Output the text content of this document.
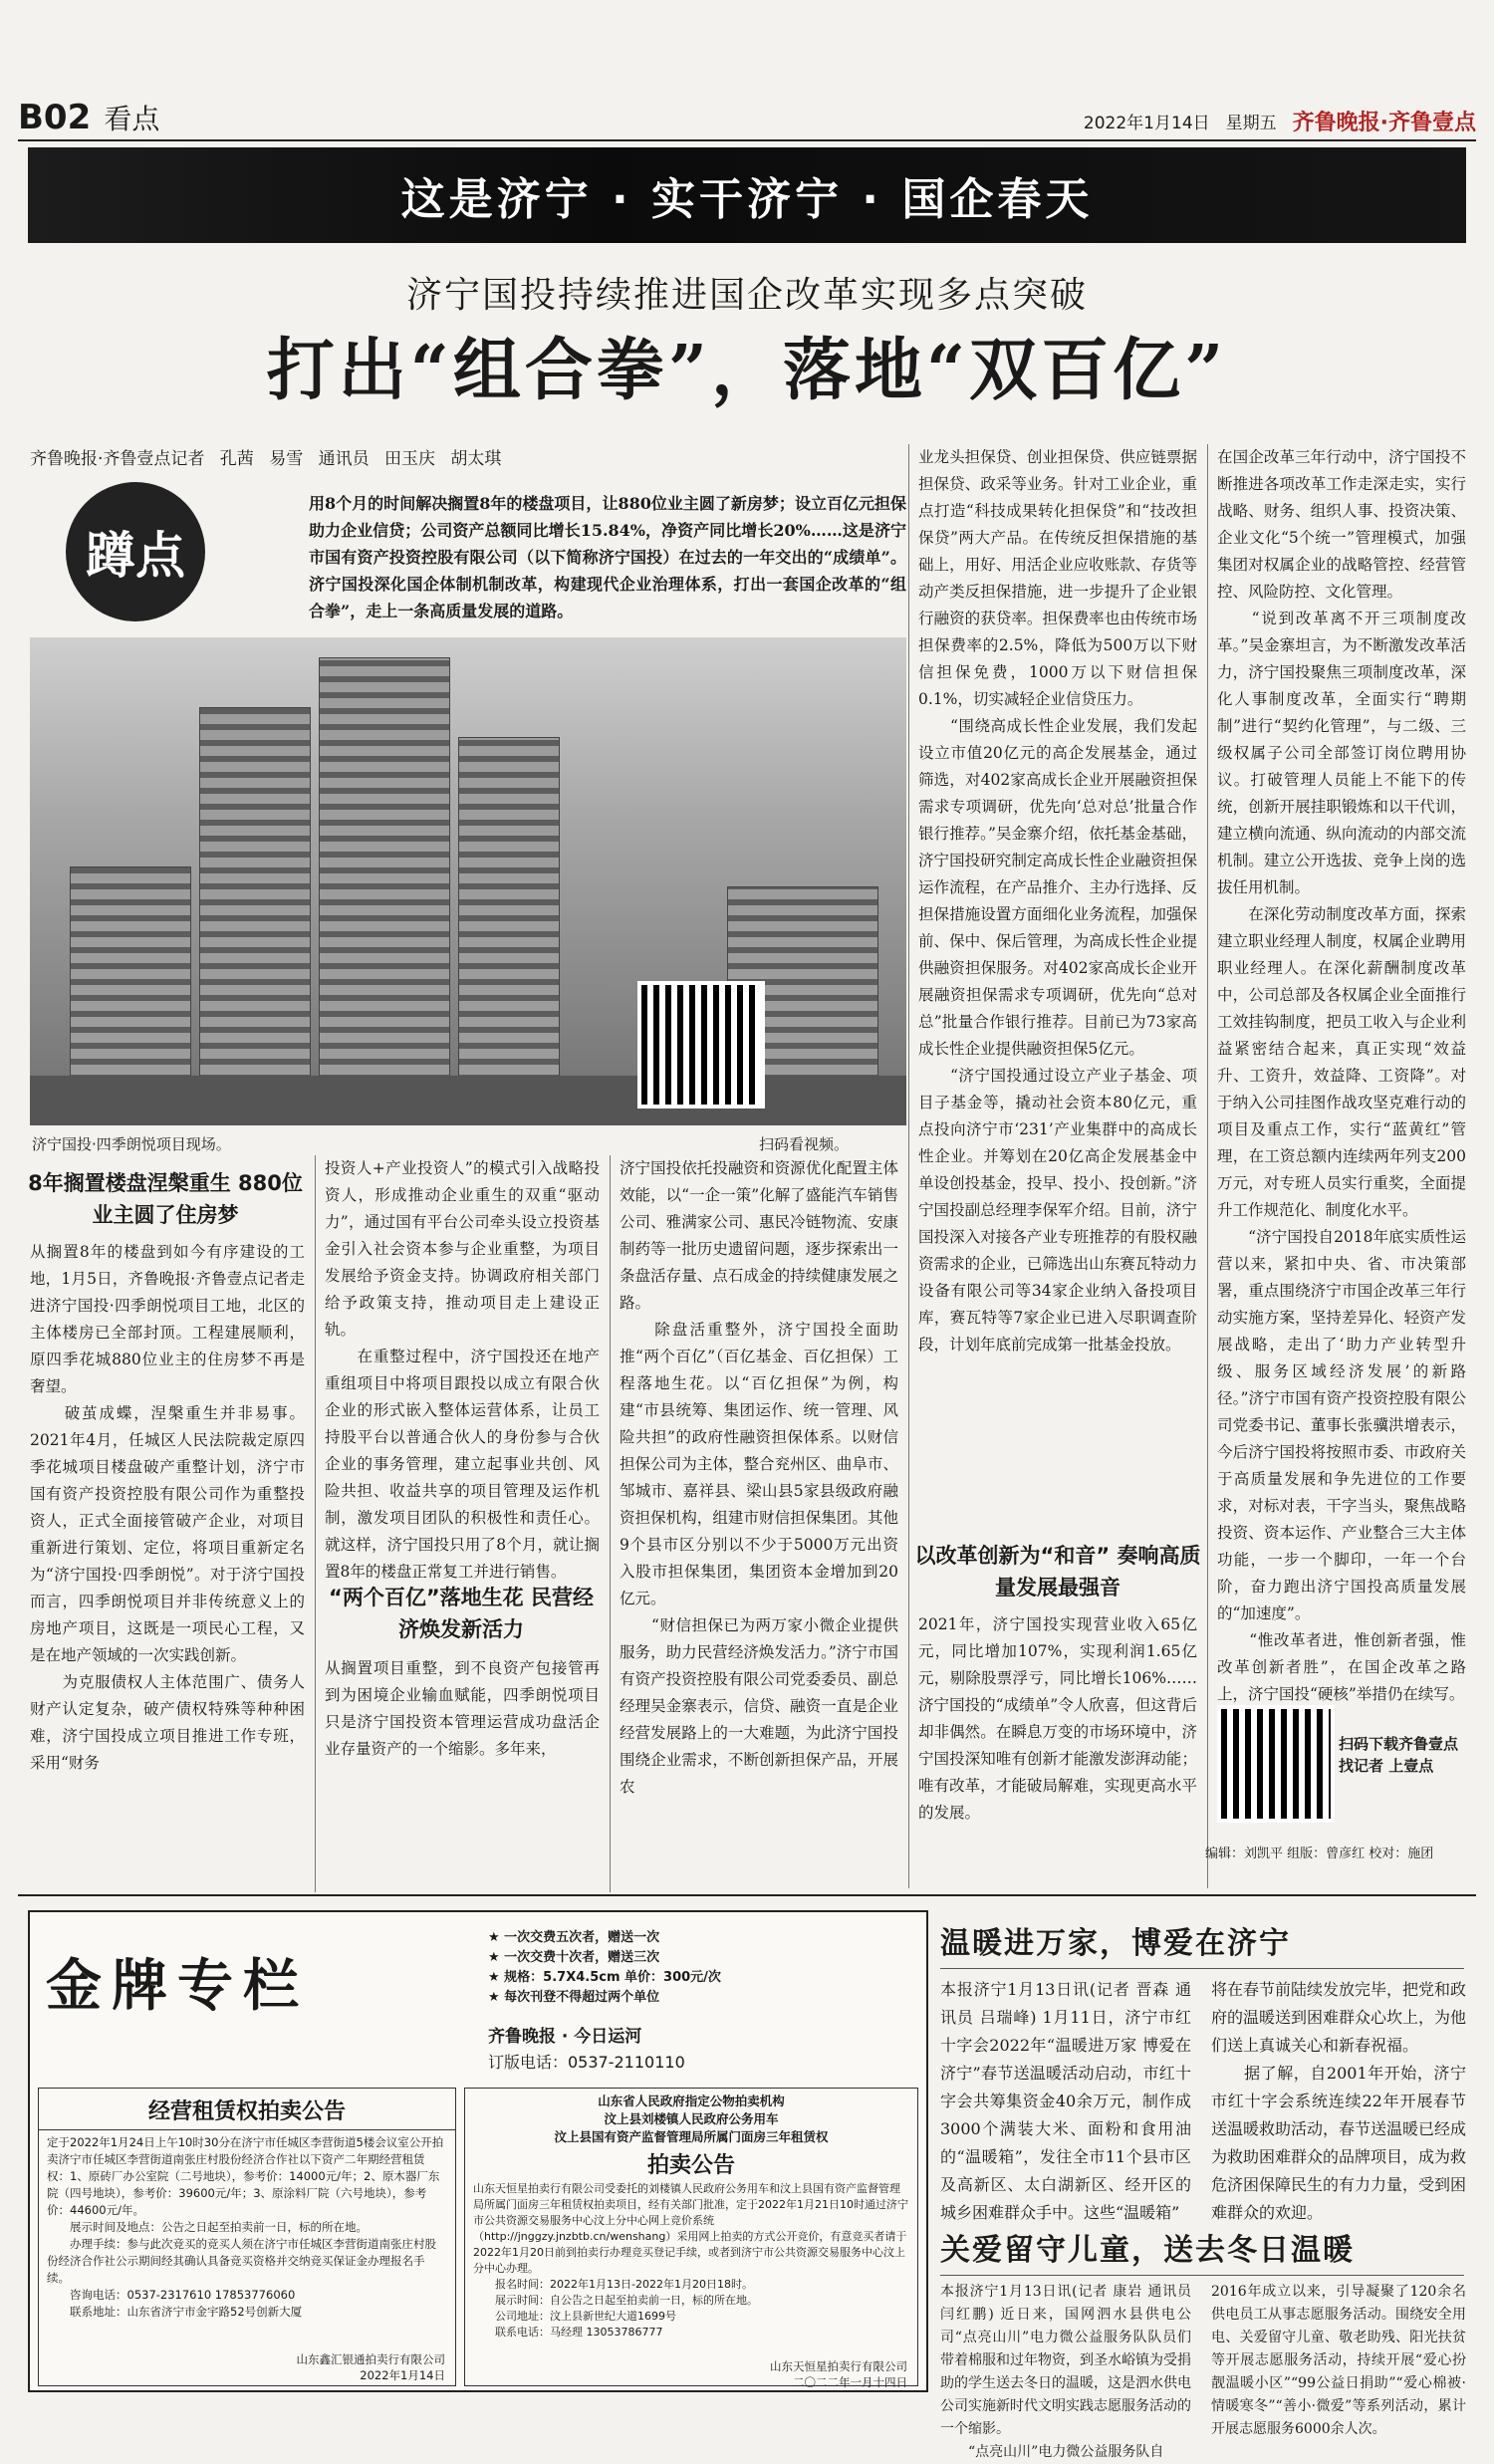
B02 看点	2022年1月14日 星期五 齐鲁晚报·齐鲁壹点
这是济宁 · 实干济宁 · 国企春天
济宁国投持续推进国企改革实现多点突破
打出“组合拳”，落地“双百亿”
齐鲁晚报·齐鲁壹点记者 孔茜 易雪 通讯员 田玉庆 胡太琪
蹲点
用8个月的时间解决搁置8年的楼盘项目，让880位业主圆了新房梦；设立百亿元担保助力企业信贷；公司资产总额同比增长15.84%，净资产同比增长20%……这是济宁市国有资产投资控股有限公司（以下简称济宁国投）在过去的一年交出的“成绩单”。济宁国投深化国企体制机制改革，构建现代企业治理体系，打出一套国企改革的“组合拳”，走上一条高质量发展的道路。
济宁国投·四季朗悦项目现场。	扫码看视频。
8年搁置楼盘涅槃重生 880位业主圆了住房梦
从搁置8年的楼盘到如今有序建设的工地，1月5日，齐鲁晚报·齐鲁壹点记者走进济宁国投·四季朗悦项目工地，北区的主体楼房已全部封顶。工程建展顺利，原四季花城880位业主的住房梦不再是奢望。
　　破茧成蝶，涅槃重生并非易事。2021年4月，任城区人民法院裁定原四季花城项目楼盘破产重整计划，济宁市国有资产投资控股有限公司作为重整投资人，正式全面接管破产企业，对项目重新进行策划、定位，将项目重新定名为“济宁国投·四季朗悦”。对于济宁国投而言，四季朗悦项目并非传统意义上的房地产项目，这既是一项民心工程，又是在地产领域的一次实践创新。
　　为克服债权人主体范围广、债务人财产认定复杂，破产债权特殊等种种困难，济宁国投成立项目推进工作专班，采用“财务
投资人+产业投资人”的模式引入战略投资人，形成推动企业重生的双重“驱动力”，通过国有平台公司牵头设立投资基金引入社会资本参与企业重整，为项目发展给予资金支持。协调政府相关部门给予政策支持，推动项目走上建设正轨。
　　在重整过程中，济宁国投还在地产重组项目中将项目跟投以成立有限合伙企业的形式嵌入整体运营体系，让员工持股平台以普通合伙人的身份参与合伙企业的事务管理，建立起事业共创、风险共担、收益共享的项目管理及运作机制，激发项目团队的积极性和责任心。就这样，济宁国投只用了8个月，就让搁置8年的楼盘正常复工并进行销售。
“两个百亿”落地生花 民营经济焕发新活力
从搁置项目重整，到不良资产包接管再到为困境企业输血赋能，四季朗悦项目只是济宁国投资本管理运营成功盘活企业存量资产的一个缩影。多年来，
济宁国投依托投融资和资源优化配置主体效能，以“一企一策”化解了盛能汽车销售公司、雅满家公司、惠民冷链物流、安康制药等一批历史遗留问题，逐步探索出一条盘活存量、点石成金的持续健康发展之路。
　　除盘活重整外，济宁国投全面助推“两个百亿”（百亿基金、百亿担保）工程落地生花。以“百亿担保”为例，构建“市县统筹、集团运作、统一管理、风险共担”的政府性融资担保体系。以财信担保公司为主体，整合兖州区、曲阜市、邹城市、嘉祥县、梁山县5家县级政府融资担保机构，组建市财信担保集团。其他9个县市区分别以不少于5000万元出资入股市担保集团，集团资本金增加到20亿元。
　　“财信担保已为两万家小微企业提供服务，助力民营经济焕发活力。”济宁市国有资产投资控股有限公司党委委员、副总经理吴金寨表示，信贷、融资一直是企业经营发展路上的一大难题，为此济宁国投围绕企业需求，不断创新担保产品，开展农
业龙头担保贷、创业担保贷、供应链票据担保贷、政采等业务。针对工业企业，重点打造“科技成果转化担保贷”和“技改担保贷”两大产品。在传统反担保措施的基础上，用好、用活企业应收账款、存货等动产类反担保措施，进一步提升了企业银行融资的获贷率。担保费率也由传统市场担保费率的2.5%，降低为500万以下财信担保免费，1000万以下财信担保0.1%，切实减轻企业信贷压力。
　　“围绕高成长性企业发展，我们发起设立市值20亿元的高企发展基金，通过筛选，对402家高成长企业开展融资担保需求专项调研，优先向‘总对总’批量合作银行推荐。”吴金寨介绍，依托基金基础，济宁国投研究制定高成长性企业融资担保运作流程，在产品推介、主办行选择、反担保措施设置方面细化业务流程，加强保前、保中、保后管理，为高成长性企业提供融资担保服务。对402家高成长企业开展融资担保需求专项调研，优先向“总对总”批量合作银行推荐。目前已为73家高成长性企业提供融资担保5亿元。
　　“济宁国投通过设立产业子基金、项目子基金等，撬动社会资本80亿元，重点投向济宁市‘231’产业集群中的高成长性企业。并筹划在20亿高企发展基金中单设创投基金，投早、投小、投创新。”济宁国投副总经理李保军介绍。目前，济宁国投深入对接各产业专班推荐的有股权融资需求的企业，已筛选出山东赛瓦特动力设备有限公司等34家企业纳入备投项目库，赛瓦特等7家企业已进入尽职调查阶段，计划年底前完成第一批基金投放。
以改革创新为“和音” 奏响高质量发展最强音
2021年，济宁国投实现营业收入65亿元，同比增加107%，实现利润1.65亿元，剔除股票浮亏，同比增长106%……济宁国投的“成绩单”令人欣喜，但这背后却非偶然。在瞬息万变的市场环境中，济宁国投深知唯有创新才能激发澎湃动能；唯有改革，才能破局解难，实现更高水平的发展。
在国企改革三年行动中，济宁国投不断推进各项改革工作走深走实，实行战略、财务、组织人事、投资决策、企业文化“5个统一”管理模式，加强集团对权属企业的战略管控、经营管控、风险防控、文化管理。
　　“说到改革离不开三项制度改革。”吴金寨坦言，为不断激发改革活力，济宁国投聚焦三项制度改革，深化人事制度改革，全面实行“聘期制”进行“契约化管理”，与二级、三级权属子公司全部签订岗位聘用协议。打破管理人员能上不能下的传统，创新开展挂职锻炼和以干代训，建立横向流通、纵向流动的内部交流机制。建立公开选拔、竞争上岗的选拔任用机制。
　　在深化劳动制度改革方面，探索建立职业经理人制度，权属企业聘用职业经理人。在深化薪酬制度改革中，公司总部及各权属企业全面推行工效挂钩制度，把员工收入与企业利益紧密结合起来，真正实现“效益升、工资升，效益降、工资降”。对于纳入公司挂图作战攻坚克难行动的项目及重点工作，实行“蓝黄红”管理，在工资总额内连续两年列支200万元，对专班人员实行重奖，全面提升工作规范化、制度化水平。
　　“济宁国投自2018年底实质性运营以来，紧扣中央、省、市决策部署，重点围绕济宁市国企改革三年行动实施方案，坚持差异化、轻资产发展战略，走出了‘助力产业转型升级、服务区域经济发展’的新路径。”济宁市国有资产投资控股有限公司党委书记、董事长张骥洪增表示，今后济宁国投将按照市委、市政府关于高质量发展和争先进位的工作要求，对标对表，干字当头，聚焦战略投资、资本运作、产业整合三大主体功能，一步一个脚印，一年一个台阶，奋力跑出济宁国投高质量发展的“加速度”。
　　“惟改革者进，惟创新者强，惟改革创新者胜”，在国企改革之路上，济宁国投“硬核”举措仍在续写。
扫码下载齐鲁壹点
找记者 上壹点
编辑：刘凯平 组版：曾彦红 校对：施团
金牌专栏
★ 一次交费五次者，赠送一次
★ 一次交费十次者，赠送三次
★ 规格：5.7X4.5cm 单价：300元/次
★ 每次刊登不得超过两个单位
齐鲁晚报 · 今日运河
订版电话：0537-2110110
经营租赁权拍卖公告
定于2022年1月24日上午10时30分在济宁市任城区李营街道5楼会议室公开拍卖济宁市任城区李营街道南张庄村股份经济合作社以下资产二年期经营租赁权：1、原砖厂办公室院（二号地块），参考价：14000元/年；2、原木器厂东院（四号地块），参考价：39600元/年；3、原涂料厂院（六号地块），参考价：44600元/年。
　　展示时间及地点：公告之日起至拍卖前一日，标的所在地。
　　办理手续：参与此次竞买的竞买人须在济宁市任城区李营街道南张庄村股份经济合作社公示期间经其确认具备竞买资格并交纳竞买保证金办理报名手续。
　　咨询电话：0537-2317610 17853776060
　　联系地址：山东省济宁市金宇路52号创新大厦
山东鑫汇银通拍卖行有限公司
2022年1月14日
山东省人民政府指定公物拍卖机构
汶上县刘楼镇人民政府公务用车
汶上县国有资产监督管理局所属门面房三年租赁权
拍卖公告
山东天恒星拍卖行有限公司受委托的刘楼镇人民政府公务用车和汶上县国有资产监督管理局所属门面房三年租赁权拍卖项目，经有关部门批准，定于2022年1月21日10时通过济宁市公共资源交易服务中心汶上分中心网上竞价系统（http://jnggzy.jnzbtb.cn/wenshang）采用网上拍卖的方式公开竞价，有意竞买者请于2022年1月20日前到拍卖行办理竞买登记手续，或者到济宁市公共资源交易服务中心汶上分中心办理。
　　报名时间：2022年1月13日-2022年1月20日18时。
　　展示时间：自公告之日起至拍卖前一日，标的所在地。
　　公司地址：汶上县新世纪大道1699号
　　联系电话：马经理 13053786777
山东天恒星拍卖行有限公司
二〇二二年一月十四日
温暖进万家，博爱在济宁
本报济宁1月13日讯(记者 晋森 通讯员 吕瑞峰) 1月11日，济宁市红十字会2022年“温暖进万家 博爱在济宁”春节送温暖活动启动，市红十字会共筹集资金40余万元，制作成3000个满装大米、面粉和食用油的“温暖箱”，发往全市11个县市区及高新区、太白湖新区、经开区的城乡困难群众手中。这些“温暖箱”
将在春节前陆续发放完毕，把党和政府的温暖送到困难群众心坎上，为他们送上真诚关心和新春祝福。
　　据了解，自2001年开始，济宁市红十字会系统连续22年开展春节送温暖救助活动，春节送温暖已经成为救助困难群众的品牌项目，成为救危济困保障民生的有力力量，受到困难群众的欢迎。
关爱留守儿童，送去冬日温暖
本报济宁1月13日讯(记者 康岩 通讯员 闫红鹏) 近日来，国网泗水县供电公司“点亮山川”电力微公益服务队队员们带着棉服和过年物资，到圣水峪镇为受捐助的学生送去冬日的温暖，这是泗水供电公司实施新时代文明实践志愿服务活动的一个缩影。
　　“点亮山川”电力微公益服务队自
2016年成立以来，引导凝聚了120余名供电员工从事志愿服务活动。围绕安全用电、关爱留守儿童、敬老助残、阳光扶贫等开展志愿服务活动，持续开展“爱心扮靓温暖小区”“99公益日捐助”“爱心棉被·情暖寒冬”“善小·微爱”等系列活动，累计开展志愿服务6000余人次。
